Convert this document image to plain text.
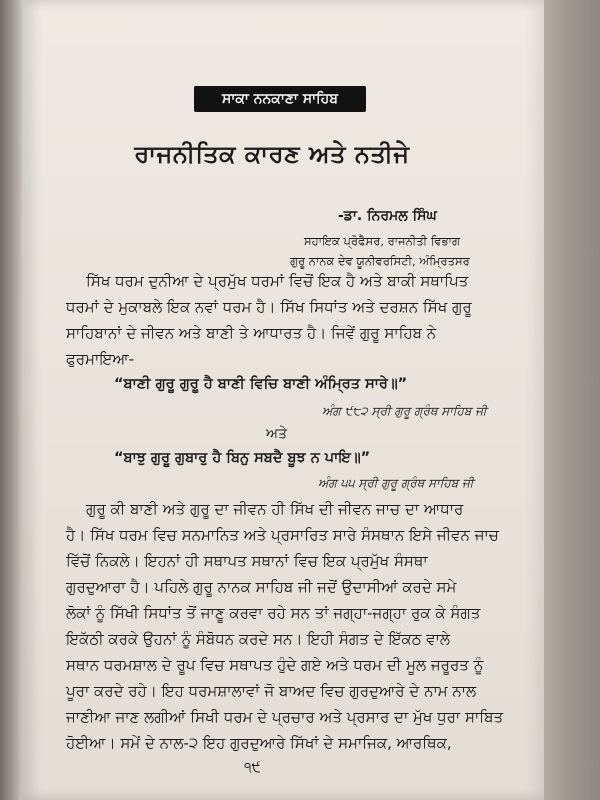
ਸਾਕਾ ਨਨਕਾਣਾ ਸਾਹਿਬ
ਰਾਜਨੀਤਿਕ ਕਾਰਣ ਅਤੇ ਨਤੀਜੇ
-ਡਾ. ਨਿਰਮਲ ਸਿੰਘ
ਸਹਾਇਕ ਪ੍ਰੋਫੈਸਰ, ਰਾਜਨੀਤੀ ਵਿਭਾਗ
ਗੁਰੂ ਨਾਨਕ ਦੇਵ ਯੂਨੀਵਰਸਿਟੀ, ਅੰਮ੍ਰਿਤਸਰ
ਸਿੱਖ ਧਰਮ ਦੁਨੀਆ ਦੇ ਪ੍ਰਮੁੱਖ ਧਰਮਾਂ ਵਿਚੋਂ ਇਕ ਹੈ ਅਤੇ ਬਾਕੀ ਸਥਾਪਿਤ
ਧਰਮਾਂ ਦੇ ਮੁਕਾਬਲੇ ਇਕ ਨਵਾਂ ਧਰਮ ਹੈ। ਸਿੱਖ ਸਿਧਾਂਤ ਅਤੇ ਦਰਸ਼ਨ ਸਿੱਖ ਗੁਰੂ
ਸਾਹਿਬਾਨਾਂ ਦੇ ਜੀਵਨ ਅਤੇ ਬਾਣੀ ਤੇ ਆਧਾਰਤ ਹੈ। ਜਿਵੇਂ ਗੁਰੂ ਸਾਹਿਬ ਨੇ
ਫੁਰਮਾਇਆ-
“ਬਾਣੀ ਗੁਰੂ ਗੁਰੂ ਹੈ ਬਾਣੀ ਵਿਚਿ ਬਾਣੀ ਅੰਮ੍ਰਿਤ ਸਾਰੇ॥”
ਅੰਗ ੯੮੨ ਸ੍ਰੀ ਗੁਰੂ ਗ੍ਰੰਥ ਸਾਹਿਬ ਜੀ
ਅਤੇ
“ਬਾਝੁ ਗੁਰੂ ਗੁਬਾਰੁ ਹੈ ਬਿਨੁ ਸਬਦੈ ਬੂਝ ਨ ਪਾਇ॥”
ਅੰਗ ੫੫ ਸ੍ਰੀ ਗੁਰੂ ਗ੍ਰੰਥ ਸਾਹਿਬ ਜੀ
ਗੁਰੂ ਕੀ ਬਾਣੀ ਅਤੇ ਗੁਰੂ ਦਾ ਜੀਵਨ ਹੀ ਸਿੱਖ ਦੀ ਜੀਵਨ ਜਾਚ ਦਾ ਆਧਾਰ
ਹੈ। ਸਿੱਖ ਧਰਮ ਵਿਚ ਸਨਮਾਨਿਤ ਅਤੇ ਪ੍ਰਸਾਰਿਤ ਸਾਰੇ ਸੰਸਥਾਨ ਇਸੇ ਜੀਵਨ ਜਾਚ
ਵਿੱਚੋਂ ਨਿਕਲੇ। ਇਹਨਾਂ ਹੀ ਸਥਾਪਤ ਸਥਾਨਾਂ ਵਿਚ ਇਕ ਪ੍ਰਮੁੱਖ ਸੰਸਥਾ
ਗੁਰਦੁਆਰਾ ਹੈ। ਪਹਿਲੇ ਗੁਰੂ ਨਾਨਕ ਸਾਹਿਬ ਜੀ ਜਦੋਂ ਉਦਾਸੀਆਂ ਕਰਦੇ ਸਮੇ
ਲੋਕਾਂ ਨੂੰ ਸਿੱਖੀ ਸਿਧਾਂਤ ਤੋਂ ਜਾਣੂ ਕਰਵਾ ਰਹੇ ਸਨ ਤਾਂ ਜਗ੍ਹਾ-ਜਗ੍ਹਾ ਰੁਕ ਕੇ ਸੰਗਤ
ਇਕੱਠੀ ਕਰਕੇ ਉਹਨਾਂ ਨੂੰ ਸੰਬੋਧਨ ਕਰਦੇ ਸਨ। ਇਹੀ ਸੰਗਤ ਦੇ ਇੱਕਠ ਵਾਲੇ
ਸਥਾਨ ਧਰਮਸ਼ਾਲ ਦੇ ਰੂਪ ਵਿਚ ਸਥਾਪਤ ਹੁੰਦੇ ਗਏ ਅਤੇ ਧਰਮ ਦੀ ਮੂਲ ਜਰੂਰਤ ਨੂੰ
ਪੂਰਾ ਕਰਦੇ ਰਹੇ। ਇਹ ਧਰਮਸ਼ਾਲਾਵਾਂ ਜੋ ਬਾਅਦ ਵਿਚ ਗੁਰਦੁਆਰੇ ਦੇ ਨਾਮ ਨਾਲ
ਜਾਣੀਆ ਜਾਣ ਲਗੀਆਂ ਸਿਖੀ ਧਰਮ ਦੇ ਪ੍ਰਚਾਰ ਅਤੇ ਪ੍ਰਸਾਰ ਦਾ ਮੁੱਖ ਧੁਰਾ ਸਾਬਿਤ
ਹੋਈਆ। ਸਮੇਂ ਦੇ ਨਾਲ-੨ ਇਹ ਗੁਰਦੁਆਰੇ ਸਿੱਖਾਂ ਦੇ ਸਮਾਜਿਕ, ਆਰਥਿਕ,
੧੯
